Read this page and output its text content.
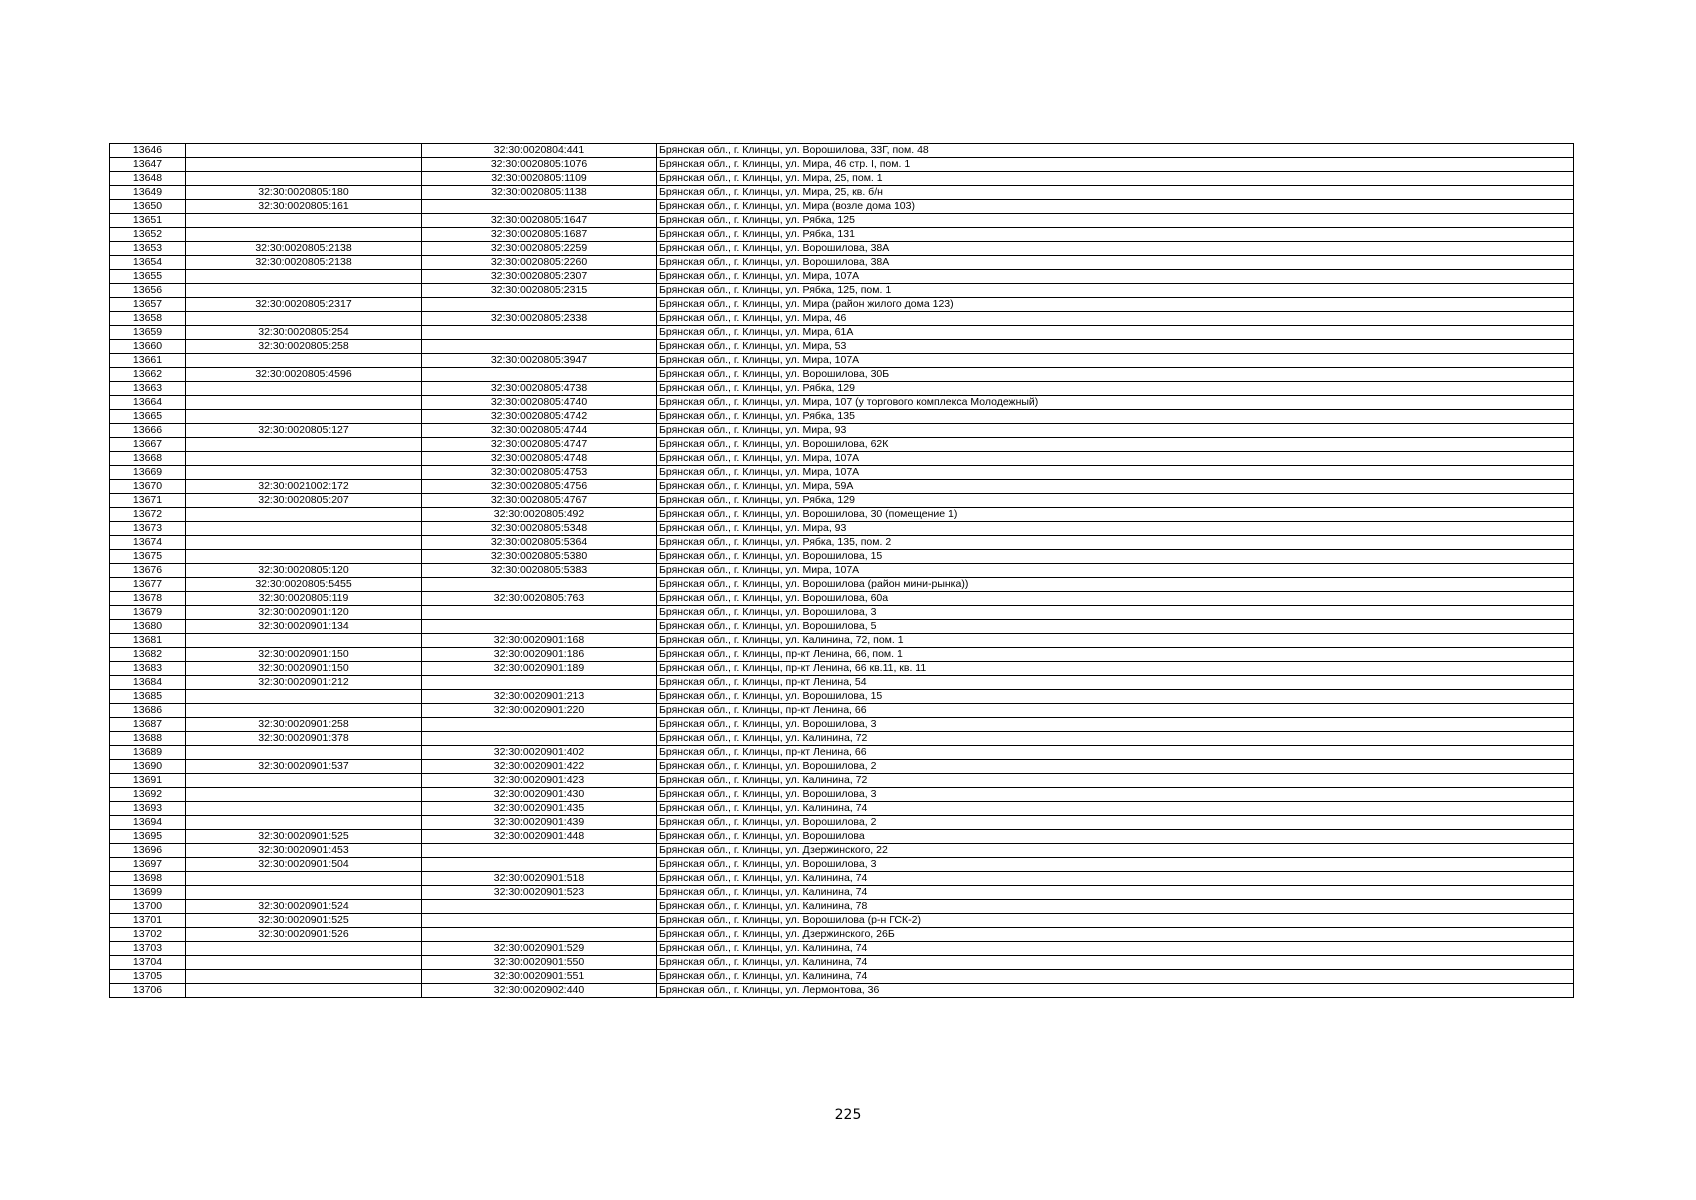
13646		32:30:0020804:441	Брянская обл., г. Клинцы, ул. Ворошилова, 33Г, пом. 48
13647		32:30:0020805:1076	Брянская обл., г. Клинцы, ул. Мира, 46 стр. I, пом. 1
13648		32:30:0020805:1109	Брянская обл., г. Клинцы, ул. Мира, 25, пом. 1
13649	32:30:0020805:180	32:30:0020805:1138	Брянская обл., г. Клинцы, ул. Мира, 25, кв. б/н
13650	32:30:0020805:161		Брянская обл., г. Клинцы, ул. Мира (возле дома 103)
13651		32:30:0020805:1647	Брянская обл., г. Клинцы, ул. Рябка, 125
13652		32:30:0020805:1687	Брянская обл., г. Клинцы, ул. Рябка, 131
13653	32:30:0020805:2138	32:30:0020805:2259	Брянская обл., г. Клинцы, ул. Ворошилова, 38А
13654	32:30:0020805:2138	32:30:0020805:2260	Брянская обл., г. Клинцы, ул. Ворошилова, 38А
13655		32:30:0020805:2307	Брянская обл., г. Клинцы, ул. Мира, 107А
13656		32:30:0020805:2315	Брянская обл., г. Клинцы, ул. Рябка, 125, пом. 1
13657	32:30:0020805:2317		Брянская обл., г. Клинцы, ул. Мира (район жилого дома 123)
13658		32:30:0020805:2338	Брянская обл., г. Клинцы, ул. Мира, 46
13659	32:30:0020805:254		Брянская обл., г. Клинцы, ул. Мира, 61А
13660	32:30:0020805:258		Брянская обл., г. Клинцы, ул. Мира, 53
13661		32:30:0020805:3947	Брянская обл., г. Клинцы, ул. Мира, 107А
13662	32:30:0020805:4596		Брянская обл., г. Клинцы, ул. Ворошилова, 30Б
13663		32:30:0020805:4738	Брянская обл., г. Клинцы, ул. Рябка, 129
13664		32:30:0020805:4740	Брянская обл., г. Клинцы, ул. Мира, 107 (у торгового комплекса Молодежный)
13665		32:30:0020805:4742	Брянская обл., г. Клинцы, ул. Рябка, 135
13666	32:30:0020805:127	32:30:0020805:4744	Брянская обл., г. Клинцы, ул. Мира, 93
13667		32:30:0020805:4747	Брянская обл., г. Клинцы, ул. Ворошилова, 62К
13668		32:30:0020805:4748	Брянская обл., г. Клинцы, ул. Мира, 107А
13669		32:30:0020805:4753	Брянская обл., г. Клинцы, ул. Мира, 107А
13670	32:30:0021002:172	32:30:0020805:4756	Брянская обл., г. Клинцы, ул. Мира, 59А
13671	32:30:0020805:207	32:30:0020805:4767	Брянская обл., г. Клинцы, ул. Рябка, 129
13672		32:30:0020805:492	Брянская обл., г. Клинцы, ул. Ворошилова, 30 (помещение 1)
13673		32:30:0020805:5348	Брянская обл., г. Клинцы, ул. Мира, 93
13674		32:30:0020805:5364	Брянская обл., г. Клинцы, ул. Рябка, 135, пом. 2
13675		32:30:0020805:5380	Брянская обл., г. Клинцы, ул. Ворошилова, 15
13676	32:30:0020805:120	32:30:0020805:5383	Брянская обл., г. Клинцы, ул. Мира, 107А
13677	32:30:0020805:5455		Брянская обл., г. Клинцы, ул. Ворошилова (район мини-рынка))
13678	32:30:0020805:119	32:30:0020805:763	Брянская обл., г. Клинцы, ул. Ворошилова, 60а
13679	32:30:0020901:120		Брянская обл., г. Клинцы, ул. Ворошилова, 3
13680	32:30:0020901:134		Брянская обл., г. Клинцы, ул. Ворошилова, 5
13681		32:30:0020901:168	Брянская обл., г. Клинцы, ул. Калинина, 72, пом. 1
13682	32:30:0020901:150	32:30:0020901:186	Брянская обл., г. Клинцы, пр-кт Ленина, 66, пом. 1
13683	32:30:0020901:150	32:30:0020901:189	Брянская обл., г. Клинцы, пр-кт Ленина, 66 кв.11, кв. 11
13684	32:30:0020901:212		Брянская обл., г. Клинцы, пр-кт Ленина, 54
13685		32:30:0020901:213	Брянская обл., г. Клинцы, ул. Ворошилова, 15
13686		32:30:0020901:220	Брянская обл., г. Клинцы, пр-кт Ленина, 66
13687	32:30:0020901:258		Брянская обл., г. Клинцы, ул. Ворошилова, 3
13688	32:30:0020901:378		Брянская обл., г. Клинцы, ул. Калинина, 72
13689		32:30:0020901:402	Брянская обл., г. Клинцы, пр-кт Ленина, 66
13690	32:30:0020901:537	32:30:0020901:422	Брянская обл., г. Клинцы, ул. Ворошилова, 2
13691		32:30:0020901:423	Брянская обл., г. Клинцы, ул. Калинина, 72
13692		32:30:0020901:430	Брянская обл., г. Клинцы, ул. Ворошилова, 3
13693		32:30:0020901:435	Брянская обл., г. Клинцы, ул. Калинина, 74
13694		32:30:0020901:439	Брянская обл., г. Клинцы, ул. Ворошилова, 2
13695	32:30:0020901:525	32:30:0020901:448	Брянская обл., г. Клинцы, ул. Ворошилова
13696	32:30:0020901:453		Брянская обл., г. Клинцы, ул. Дзержинского, 22
13697	32:30:0020901:504		Брянская обл., г. Клинцы, ул. Ворошилова, 3
13698		32:30:0020901:518	Брянская обл., г. Клинцы, ул. Калинина, 74
13699		32:30:0020901:523	Брянская обл., г. Клинцы, ул. Калинина, 74
13700	32:30:0020901:524		Брянская обл., г. Клинцы, ул. Калинина, 78
13701	32:30:0020901:525		Брянская обл., г. Клинцы, ул. Ворошилова (р-н ГСК-2)
13702	32:30:0020901:526		Брянская обл., г. Клинцы, ул. Дзержинского, 26Б
13703		32:30:0020901:529	Брянская обл., г. Клинцы, ул. Калинина, 74
13704		32:30:0020901:550	Брянская обл., г. Клинцы, ул. Калинина, 74
13705		32:30:0020901:551	Брянская обл., г. Клинцы, ул. Калинина, 74
13706		32:30:0020902:440	Брянская обл., г. Клинцы, ул. Лермонтова, 36
225
